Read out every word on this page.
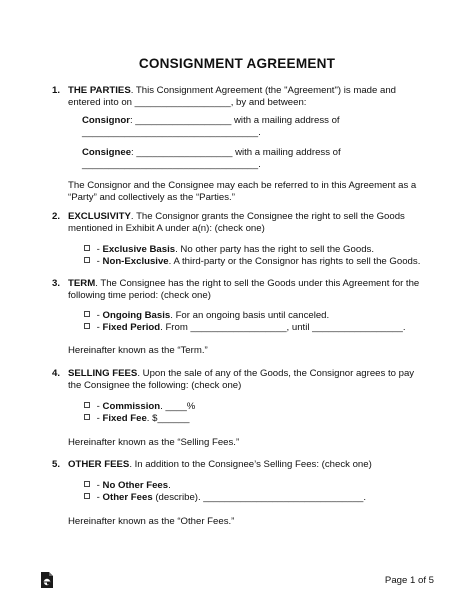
CONSIGNMENT AGREEMENT
1. THE PARTIES. This Consignment Agreement (the "Agreement") is made and
entered into on __________________, by and between:
Consignor: __________________ with a mailing address of
_________________________________.
Consignee: __________________ with a mailing address of
_________________________________.
The Consignor and the Consignee may each be referred to in this Agreement as a
“Party” and collectively as the “Parties.”
2. EXCLUSIVITY. The Consignor grants the Consignee the right to sell the Goods
mentioned in Exhibit A under a(n): (check one)
- Exclusive Basis. No other party has the right to sell the Goods.
- Non-Exclusive. A third-party or the Consignor has rights to sell the Goods.
3. TERM. The Consignee has the right to sell the Goods under this Agreement for the
following time period: (check one)
- Ongoing Basis. For an ongoing basis until canceled.
- Fixed Period. From __________________, until _________________.
Hereinafter known as the “Term.”
4. SELLING FEES. Upon the sale of any of the Goods, the Consignor agrees to pay
the Consignee the following: (check one)
- Commission. ____%
- Fixed Fee. $______
Hereinafter known as the “Selling Fees.”
5. OTHER FEES. In addition to the Consignee’s Selling Fees: (check one)
- No Other Fees.
- Other Fees (describe). ______________________________.
Hereinafter known as the “Other Fees.”
Page 1 of 5
